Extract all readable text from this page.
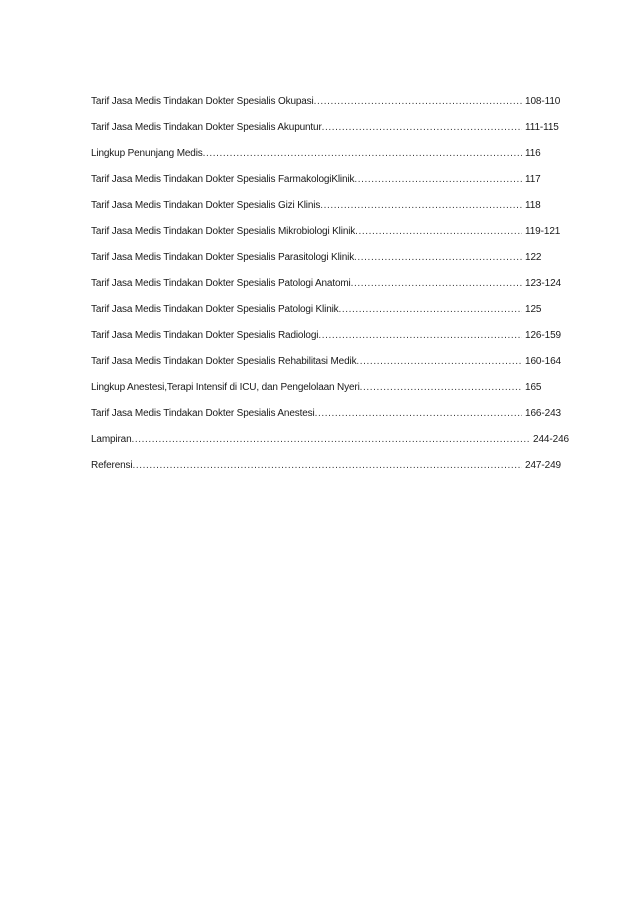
Tarif Jasa Medis Tindakan Dokter Spesialis Okupasi .....	108-110
Tarif Jasa Medis Tindakan Dokter Spesialis Akupuntur .....	111-115
Lingkup Penunjang Medis .....	116
Tarif Jasa Medis Tindakan Dokter Spesialis FarmakologiKlinik .....	117
Tarif Jasa Medis Tindakan Dokter Spesialis Gizi Klinis .....	118
Tarif Jasa Medis Tindakan Dokter Spesialis Mikrobiologi Klinik .....	119-121
Tarif Jasa Medis Tindakan Dokter Spesialis Parasitologi Klinik .....	122
Tarif Jasa Medis Tindakan Dokter Spesialis Patologi Anatomi .....	123-124
Tarif Jasa Medis Tindakan Dokter Spesialis Patologi Klinik .....	125
Tarif Jasa Medis Tindakan Dokter Spesialis Radiologi .....	126-159
Tarif Jasa Medis Tindakan Dokter Spesialis Rehabilitasi Medik .....	160-164
Lingkup Anestesi,Terapi Intensif di ICU, dan Pengelolaan Nyeri .....	165
Tarif Jasa Medis Tindakan Dokter Spesialis Anestesi .....	166-243
Lampiran .....	244-246
Referensi .....	247-249
